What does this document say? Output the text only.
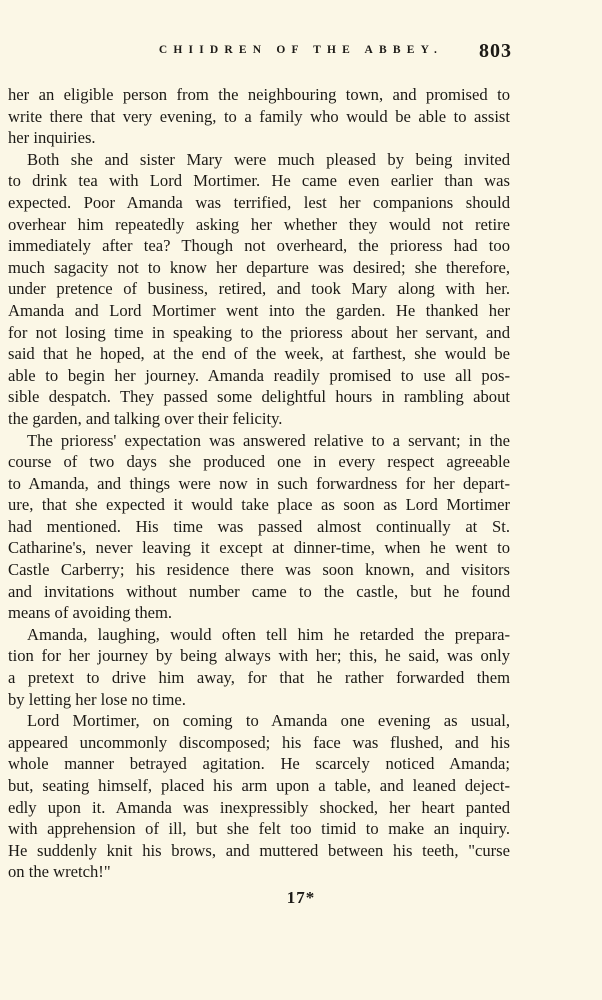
CHIIDREN OF THE ABBEY.	803
her an eligible person from the neighbouring town, and promised to
write there that very evening, to a family who would be able to assist
her inquiries.
Both she and sister Mary were much pleased by being invited
to drink tea with Lord Mortimer. He came even earlier than was
expected. Poor Amanda was terrified, lest her companions should
overhear him repeatedly asking her whether they would not retire
immediately after tea? Though not overheard, the prioress had too
much sagacity not to know her departure was desired; she therefore,
under pretence of business, retired, and took Mary along with her.
Amanda and Lord Mortimer went into the garden. He thanked her
for not losing time in speaking to the prioress about her servant, and
said that he hoped, at the end of the week, at farthest, she would be
able to begin her journey. Amanda readily promised to use all pos-
sible despatch. They passed some delightful hours in rambling about
the garden, and talking over their felicity.
The prioress' expectation was answered relative to a servant; in the
course of two days she produced one in every respect agreeable
to Amanda, and things were now in such forwardness for her depart-
ure, that she expected it would take place as soon as Lord Mortimer
had mentioned. His time was passed almost continually at St.
Catharine's, never leaving it except at dinner-time, when he went to
Castle Carberry; his residence there was soon known, and visitors
and invitations without number came to the castle, but he found
means of avoiding them.
Amanda, laughing, would often tell him he retarded the prepara-
tion for her journey by being always with her; this, he said, was only
a pretext to drive him away, for that he rather forwarded them
by letting her lose no time.
Lord Mortimer, on coming to Amanda one evening as usual,
appeared uncommonly discomposed; his face was flushed, and his
whole manner betrayed agitation. He scarcely noticed Amanda;
but, seating himself, placed his arm upon a table, and leaned deject-
edly upon it. Amanda was inexpressibly shocked, her heart panted
with apprehension of ill, but she felt too timid to make an inquiry.
He suddenly knit his brows, and muttered between his teeth, "curse
on the wretch!"
17*
